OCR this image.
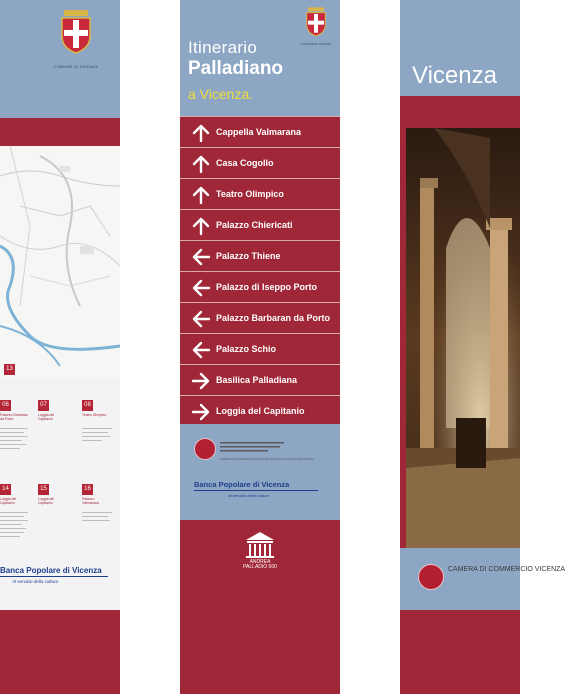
COMUNE DI VICENZA
13
06
Palazzo Barbaran da Porto
07
Loggia del Capitanio
08
Teatro Olimpico
14
Loggia del Capitanio
15
Loggia del Capitanio
16
Palazzo Valmarana
Banca Popolare di Vicenza
Al servizio della cultura
COMUNE DI VICENZA
Itinerario
Palladiano
a Vicenza.
Cappella Valmarana
Casa Cogollo
Teatro Olimpico
Palazzo Chiericati
Palazzo Thiene
Palazzo di Iseppo Porto
Palazzo Barbaran da Porto
Palazzo Schio
Basilica Palladiana
Loggia del Capitanio
CAMERA DI COMMERCIO INDUSTRIA ARTIGIANATO E AGRICOLTURA VICENZA
Banca Popolare di Vicenza
Al servizio della cultura
ANDREA PALLADIO 500
Vicenza
CAMERA DI COMMERCIO VICENZA
